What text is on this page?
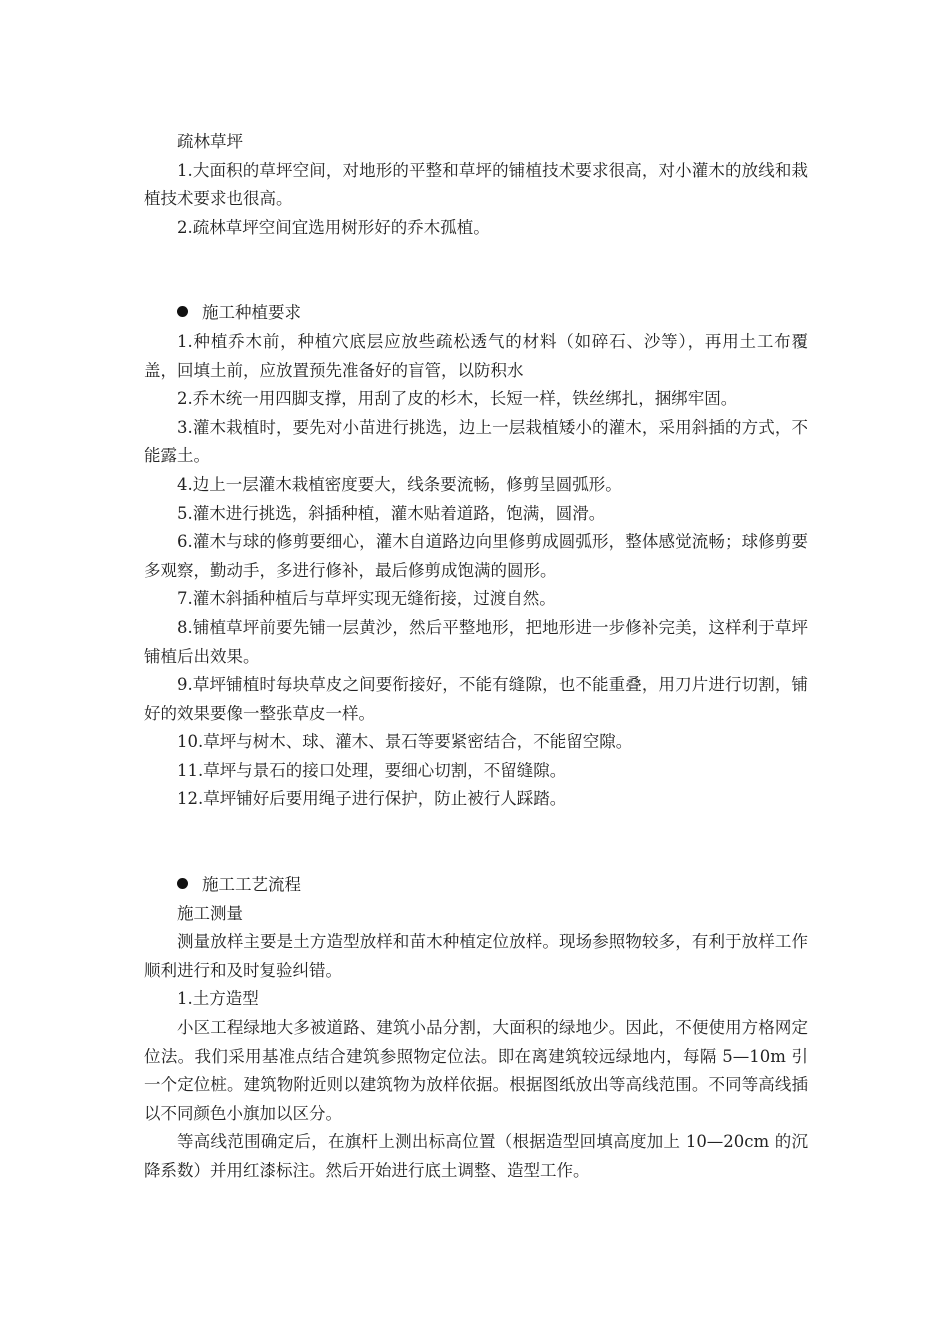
疏林草坪

1.大面积的草坪空间，对地形的平整和草坪的铺植技术要求很高，对小灌木的放线和栽植技术要求也很高。

2.疏林草坪空间宜选用树形好的乔木孤植。

施工种植要求

1.种植乔木前，种植穴底层应放些疏松透气的材料（如碎石、沙等），再用土工布覆盖，回填土前，应放置预先准备好的盲管，以防积水

2.乔木统一用四脚支撑，用刮了皮的杉木，长短一样，铁丝绑扎，捆绑牢固。

3.灌木栽植时，要先对小苗进行挑选，边上一层栽植矮小的灌木，采用斜插的方式，不能露土。

4.边上一层灌木栽植密度要大，线条要流畅，修剪呈圆弧形。

5.灌木进行挑选，斜插种植，灌木贴着道路，饱满，圆滑。

6.灌木与球的修剪要细心，灌木自道路边向里修剪成圆弧形，整体感觉流畅；球修剪要多观察，勤动手，多进行修补，最后修剪成饱满的圆形。

7.灌木斜插种植后与草坪实现无缝衔接，过渡自然。

8.铺植草坪前要先铺一层黄沙，然后平整地形，把地形进一步修补完美，这样利于草坪铺植后出效果。

9.草坪铺植时每块草皮之间要衔接好，不能有缝隙，也不能重叠，用刀片进行切割，铺好的效果要像一整张草皮一样。

10.草坪与树木、球、灌木、景石等要紧密结合，不能留空隙。

11.草坪与景石的接口处理，要细心切割，不留缝隙。

12.草坪铺好后要用绳子进行保护，防止被行人踩踏。

施工工艺流程

施工测量

测量放样主要是土方造型放样和苗木种植定位放样。现场参照物较多，有利于放样工作顺利进行和及时复验纠错。

1.土方造型

小区工程绿地大多被道路、建筑小品分割，大面积的绿地少。因此，不便使用方格网定位法。我们采用基准点结合建筑参照物定位法。即在离建筑较远绿地内，每隔 5—10m 引一个定位桩。建筑物附近则以建筑物为放样依据。根据图纸放出等高线范围。不同等高线插以不同颜色小旗加以区分。

等高线范围确定后，在旗杆上测出标高位置（根据造型回填高度加上 10—20cm 的沉降系数）并用红漆标注。然后开始进行底土调整、造型工作。
